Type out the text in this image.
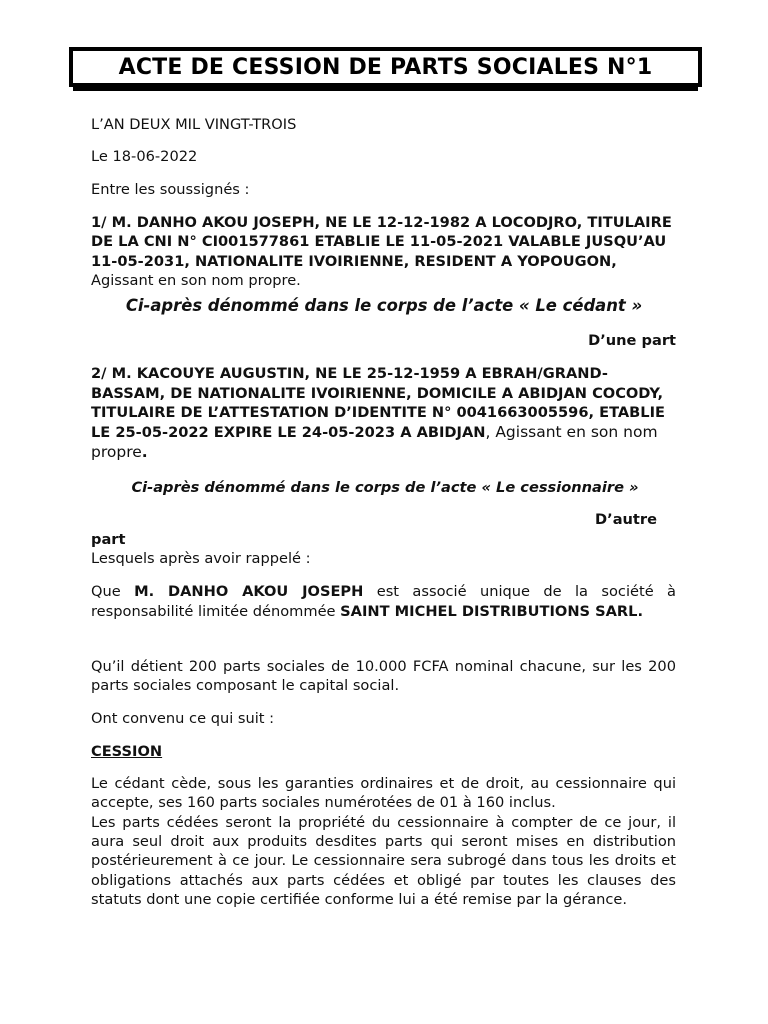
ACTE DE CESSION DE PARTS SOCIALES N°1

L’AN DEUX MIL VINGT-TROIS

Le 18-06-2022

Entre les soussignés :

1/ M. DANHO AKOU JOSEPH, NE LE 12-12-1982 A LOCODJRO, TITULAIRE DE LA CNI N° CI001577861 ETABLIE LE 11-05-2021 VALABLE JUSQU’AU 11-05-2031, NATIONALITE IVOIRIENNE, RESIDENT A YOPOUGON, Agissant en son nom propre.

Ci-après dénommé dans le corps de l’acte « Le cédant »

D’une part

2/ M. KACOUYE AUGUSTIN, NE LE 25-12-1959 A EBRAH/GRAND-BASSAM, DE NATIONALITE IVOIRIENNE, DOMICILE A ABIDJAN COCODY, TITULAIRE DE L’ATTESTATION D’IDENTITE N° 0041663005596, ETABLIE LE 25-05-2022 EXPIRE LE 24-05-2023 A ABIDJAN, Agissant en son nom propre.

Ci-après dénommé dans le corps de l’acte « Le cessionnaire »

D’autre

part

Lesquels après avoir rappelé :

Que M. DANHO AKOU JOSEPH est associé unique de la société à responsabilité limitée dénommée SAINT MICHEL DISTRIBUTIONS SARL.

Qu’il détient 200 parts sociales de 10.000 FCFA nominal chacune, sur les 200 parts sociales composant le capital social.

Ont convenu ce qui suit :

CESSION

Le cédant cède, sous les garanties ordinaires et de droit, au cessionnaire qui accepte, ses 160 parts sociales numérotées de 01 à 160 inclus.

Les parts cédées seront la propriété du cessionnaire à compter de ce jour, il aura seul droit aux produits desdites parts qui seront mises en distribution postérieurement à ce jour. Le cessionnaire sera subrogé dans tous les droits et obligations attachés aux parts cédées et obligé par toutes les clauses des statuts dont une copie certifiée conforme lui a été remise par la gérance.
